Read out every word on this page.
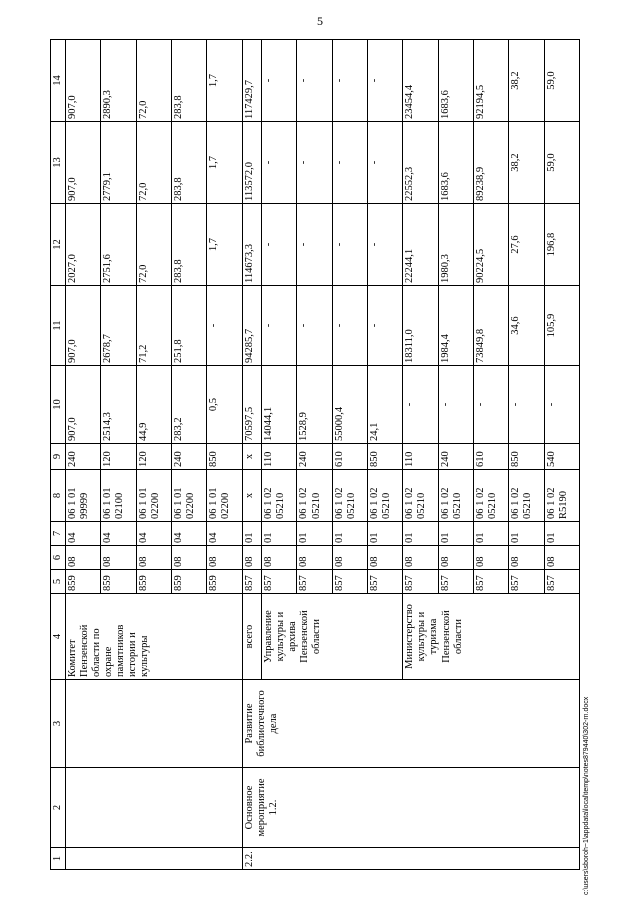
5
1	2	3	4	5	6	7	8	9	10	11	12	13	14
			Комитет Пензенской области по охране памятников истории и культуры	859	08	04	06 1 01 99999	240	907,0	907,0	2027,0	907,0	907,0
				859	08	04	06 1 01 02100	120	2514,3	2678,7	2751,6	2779,1	2890,3
				859	08	04	06 1 01 02200	120	44,9	71,2	72,0	72,0	72,0
				859	08	04	06 1 01 02200	240	283,2	251,8	283,8	283,8	283,8
				859	08	04	06 1 01 02200	850	0,5	-	1,7	1,7	1,7
2.2.	Основное мероприятие 1.2.	Развитие библиотечного дела	всего	857	08	01	x	x	70597,5	94285,7	114673,3	113572,0	117429,7
			Управление культуры и архива Пензенской области	857	08	01	06 1 02 05210	110	14044,1	-	-	-	-
				857	08	01	06 1 02 05210	240	1528,9	-	-	-	-
				857	08	01	06 1 02 05210	610	55000,4	-	-	-	-
				857	08	01	06 1 02 05210	850	24,1	-	-	-	-
			Министерство культуры и туризма Пензенской области	857	08	01	06 1 02 05210	110	-	18311,0	22244,1	22552,3	23454,4
				857	08	01	06 1 02 05210	240	-	1984,4	1980,3	1683,6	1683,6
				857	08	01	06 1 02 05210	610	-	73849,8	90224,5	89238,9	92194,5
				857	08	01	06 1 02 05210	850	-	34,6	27,6	38,2	38,2
				857	08	01	06 1 02 R5190	540	-	105,9	196,8	59,0	59,0
c:\users\sboroh~1\appdata\local\temp\notes879440\302-rn.docx
